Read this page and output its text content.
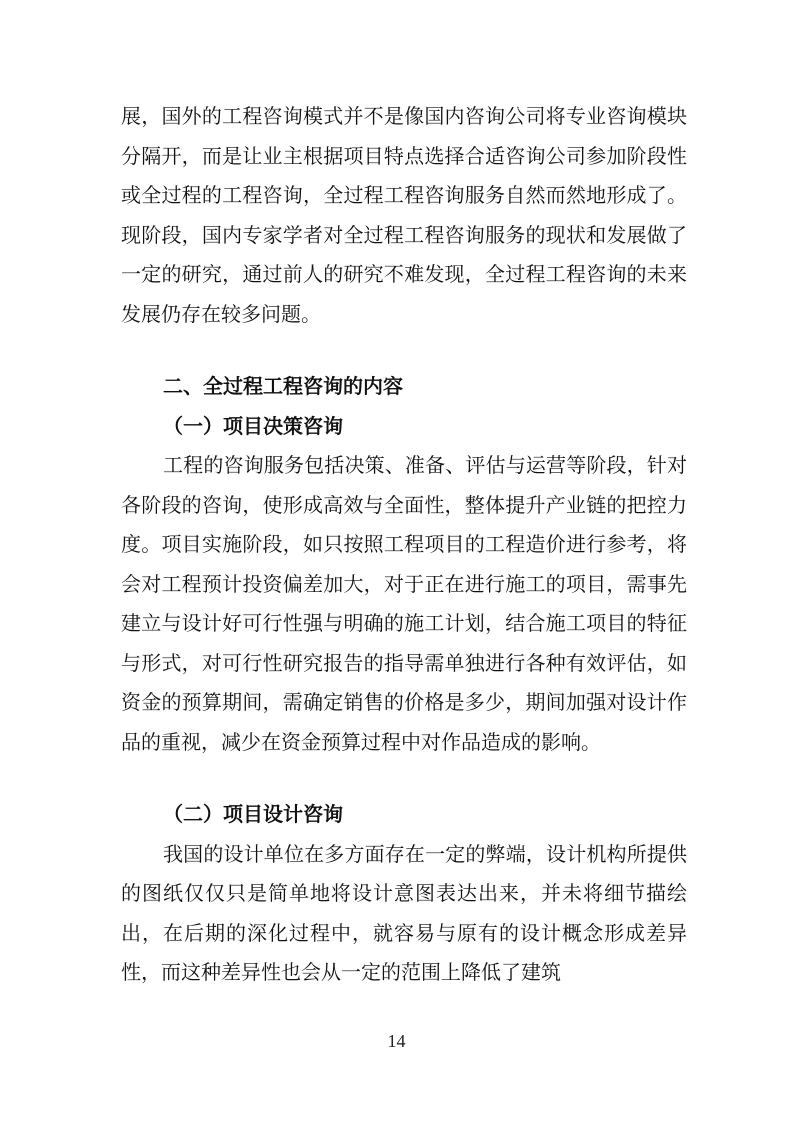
展，国外的工程咨询模式并不是像国内咨询公司将专业咨询模块分隔开，而是让业主根据项目特点选择合适咨询公司参加阶段性或全过程的工程咨询，全过程工程咨询服务自然而然地形成了。现阶段，国内专家学者对全过程工程咨询服务的现状和发展做了一定的研究，通过前人的研究不难发现，全过程工程咨询的未来发展仍存在较多问题。

二、全过程工程咨询的内容
（一）项目决策咨询

工程的咨询服务包括决策、准备、评估与运营等阶段，针对各阶段的咨询，使形成高效与全面性，整体提升产业链的把控力度。项目实施阶段，如只按照工程项目的工程造价进行参考，将会对工程预计投资偏差加大，对于正在进行施工的项目，需事先建立与设计好可行性强与明确的施工计划，结合施工项目的特征与形式，对可行性研究报告的指导需单独进行各种有效评估，如资金的预算期间，需确定销售的价格是多少，期间加强对设计作品的重视，减少在资金预算过程中对作品造成的影响。

（二）项目设计咨询

我国的设计单位在多方面存在一定的弊端，设计机构所提供的图纸仅仅只是简单地将设计意图表达出来，并未将细节描绘出，在后期的深化过程中，就容易与原有的设计概念形成差异性，而这种差异性也会从一定的范围上降低了建筑

14
